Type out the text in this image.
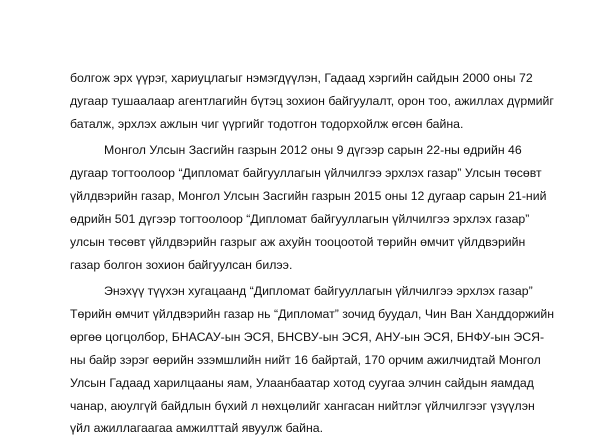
болгож эрх үүрэг, хариуцлагыг нэмэгдүүлэн, Гадаад хэргийн сайдын 2000 оны 72

дугаар тушаалаар агентлагийн бүтэц зохион байгуулалт, орон тоо, ажиллах дүрмийг

баталж, эрхлэх ажлын чиг үүргийг тодотгон тодорхойлж өгсөн байна.

Монгол Улсын Засгийн газрын 2012 оны 9 дүгээр сарын 22-ны өдрийн 46

дугаар тогтоолоор “Дипломат байгууллагын үйлчилгээ эрхлэх газар” Улсын төсөвт

үйлдвэрийн газар, Монгол Улсын Засгийн газрын 2015 оны 12 дугаар сарын 21-ний

өдрийн 501 дүгээр тогтоолоор “Дипломат байгууллагын үйлчилгээ эрхлэх газар”

улсын төсөвт үйлдвэрийн газрыг аж ахуйн тооцоотой төрийн өмчит үйлдвэрийн

газар болгон зохион байгуулсан билээ.

Энэхүү түүхэн хугацаанд “Дипломат байгууллагын үйлчилгээ эрхлэх газар”

Төрийн өмчит үйлдвэрийн газар нь “Дипломат” зочид буудал, Чин Ван Ханддоржийн

өргөө цогцолбор, БНАСАУ-ын ЭСЯ, БНСВУ-ын ЭСЯ, АНУ-ын ЭСЯ, БНФУ-ын ЭСЯ-

ны байр зэрэг өөрийн эзэмшлийн нийт 16 байртай, 170 орчим ажилчидтай Монгол

Улсын Гадаад харилцааны яам, Улаанбаатар хотод суугаа элчин сайдын яамдад

чанар, аюулгүй байдлын бүхий л нөхцөлийг хангасан нийтлэг үйлчилгээг үзүүлэн

үйл ажиллагаагаа амжилттай явуулж байна.
